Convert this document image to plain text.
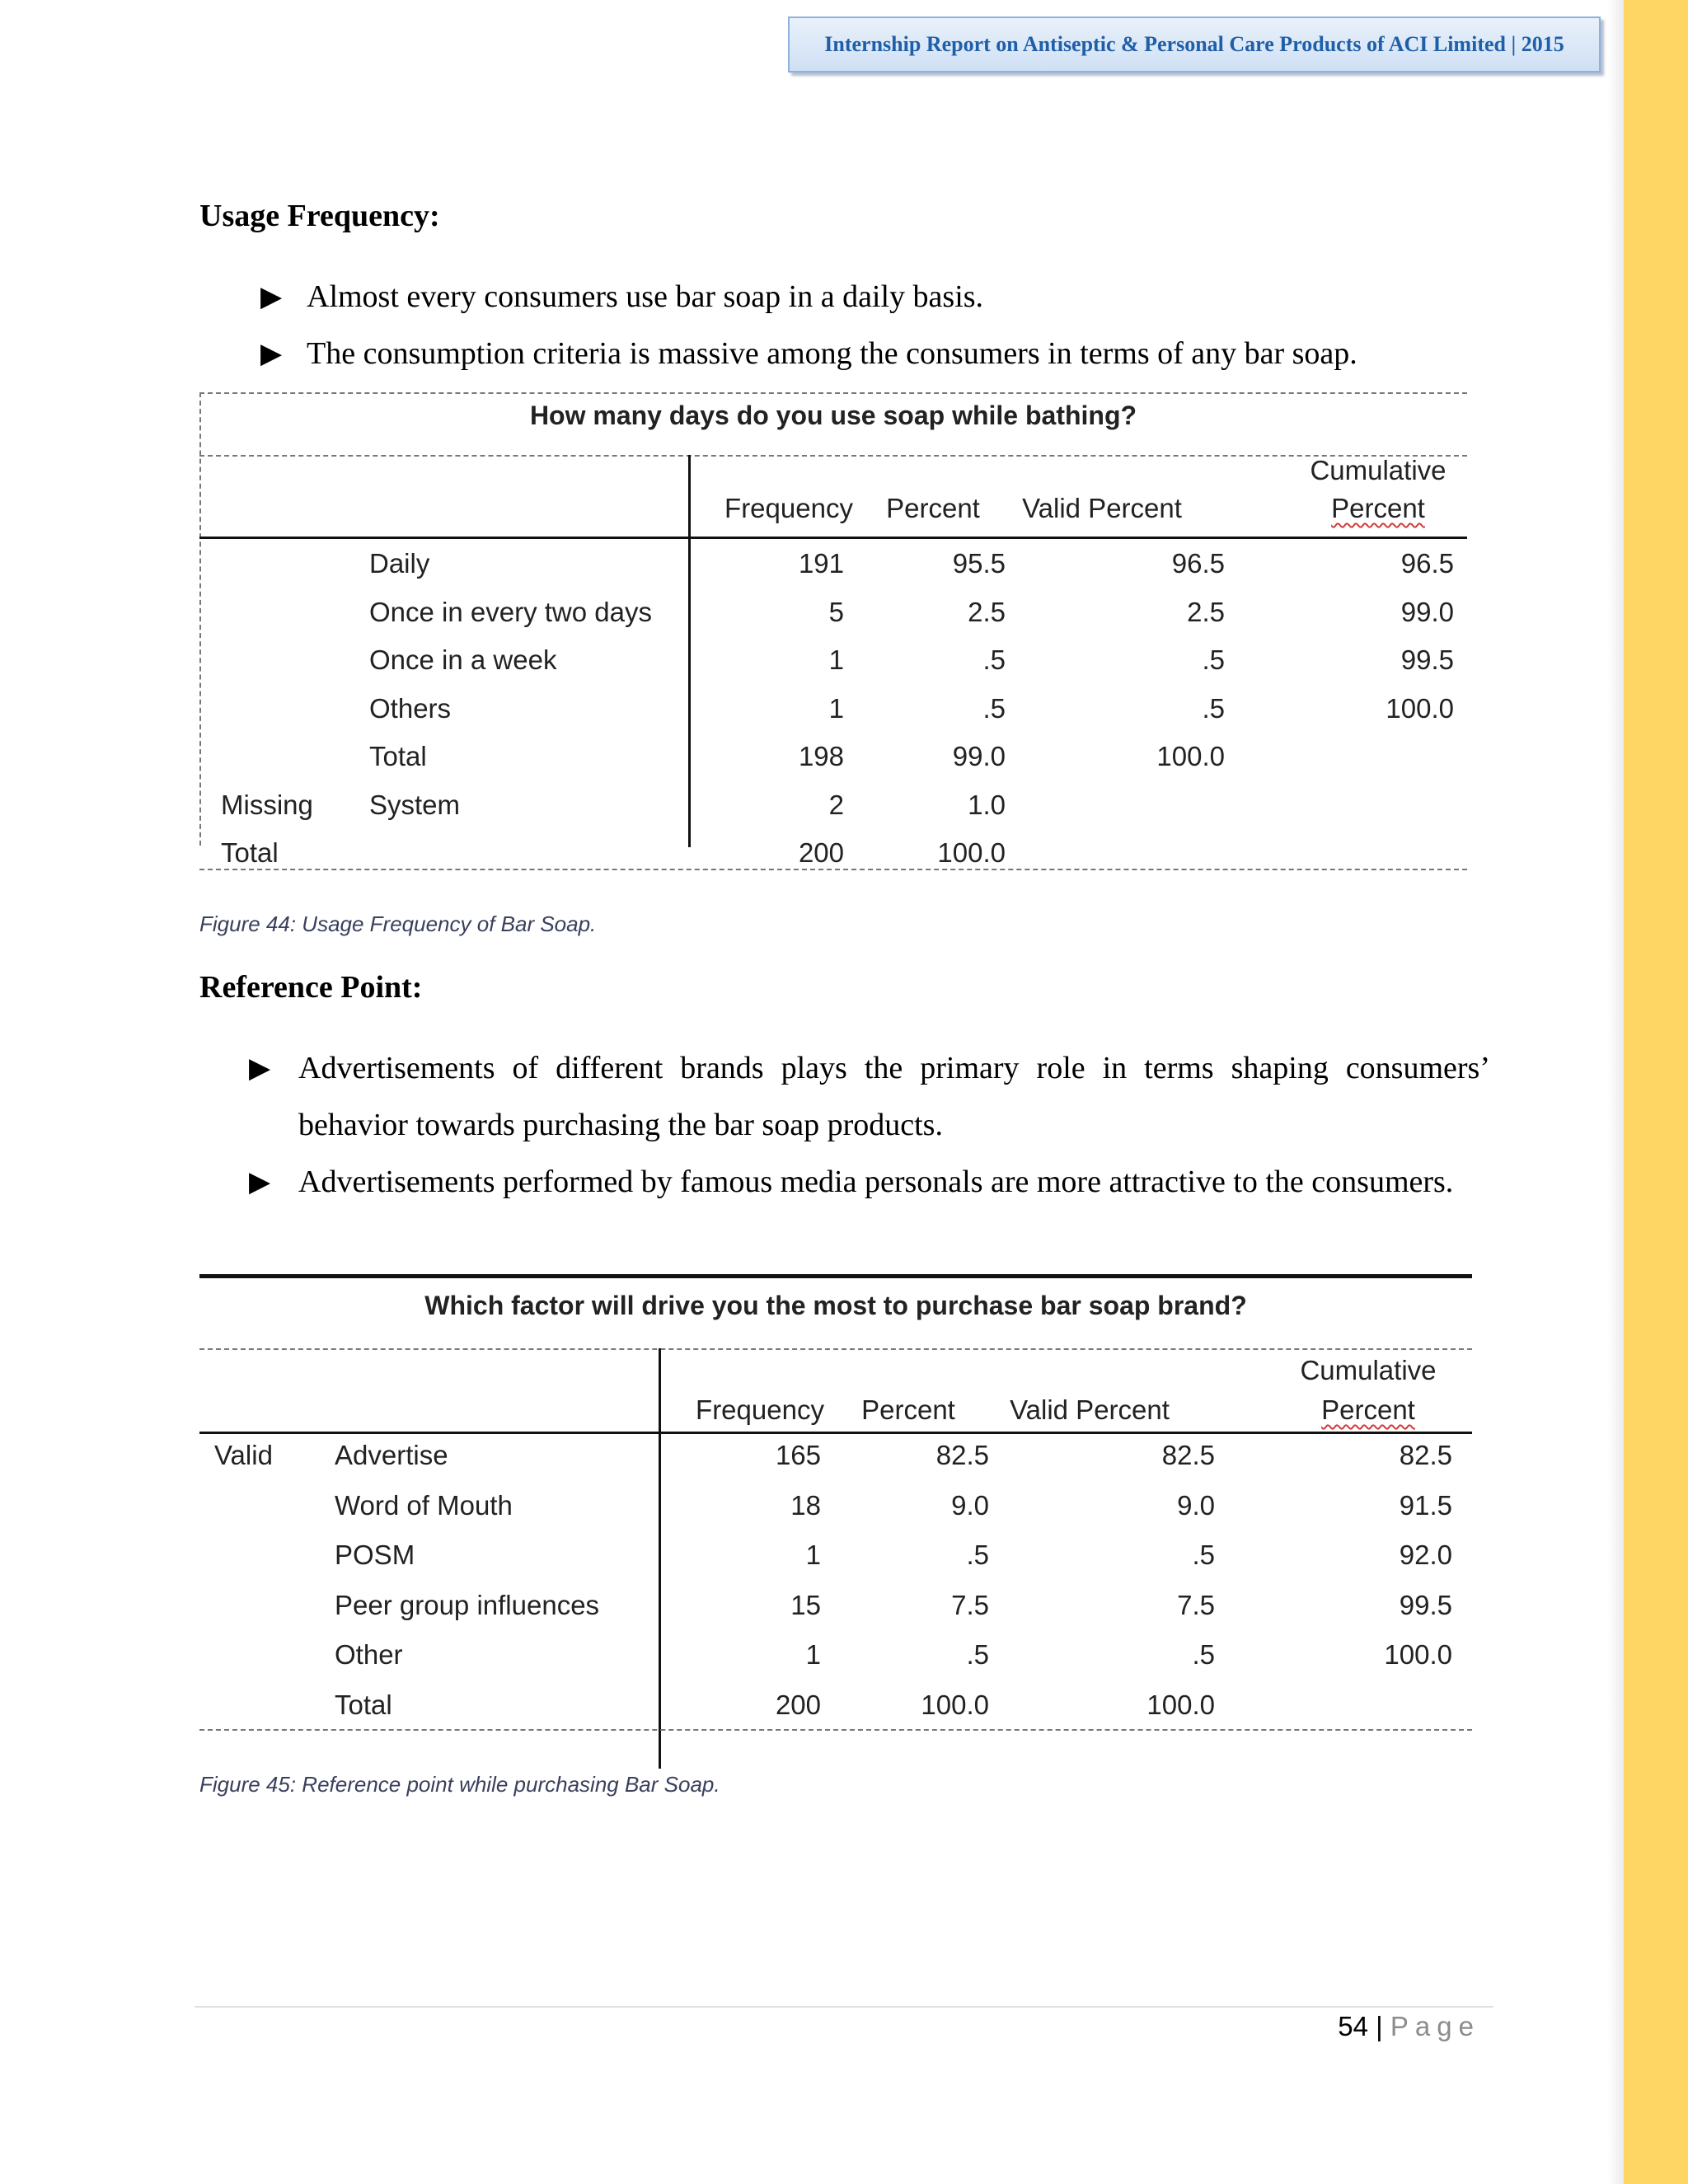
Internship Report on Antiseptic & Personal Care Products of ACI Limited | 2015
Usage Frequency:
▶ Almost every consumers use bar soap in a daily basis.
▶ The consumption criteria is massive among the consumers in terms of any bar soap.
How many days do you use soap while bathing?
Frequency	Percent	Valid Percent
Cumulative
Percent
Daily	191	95.5	96.5	96.5
Once in every two days	5	2.5	2.5	99.0
Once in a week	1	.5	.5	99.5
Others	1	.5	.5	100.0
Total	198	99.0	100.0
Missing	System	2	1.0
Total	200	100.0
Figure 44: Usage Frequency of Bar Soap.
Reference Point:
▶ Advertisements of different brands plays the primary role in terms shaping consumers’ behavior towards purchasing the bar soap products.
▶ Advertisements performed by famous media personals are more attractive to the consumers.
Which factor will drive you the most to purchase bar soap brand?
Frequency	Percent	Valid Percent
Cumulative
Percent
Valid	Advertise	165	82.5	82.5	82.5
Word of Mouth	18	9.0	9.0	91.5
POSM	1	.5	.5	92.0
Peer group influences	15	7.5	7.5	99.5
Other	1	.5	.5	100.0
Total	200	100.0	100.0
Figure 45: Reference point while purchasing Bar Soap.
54 | Page
